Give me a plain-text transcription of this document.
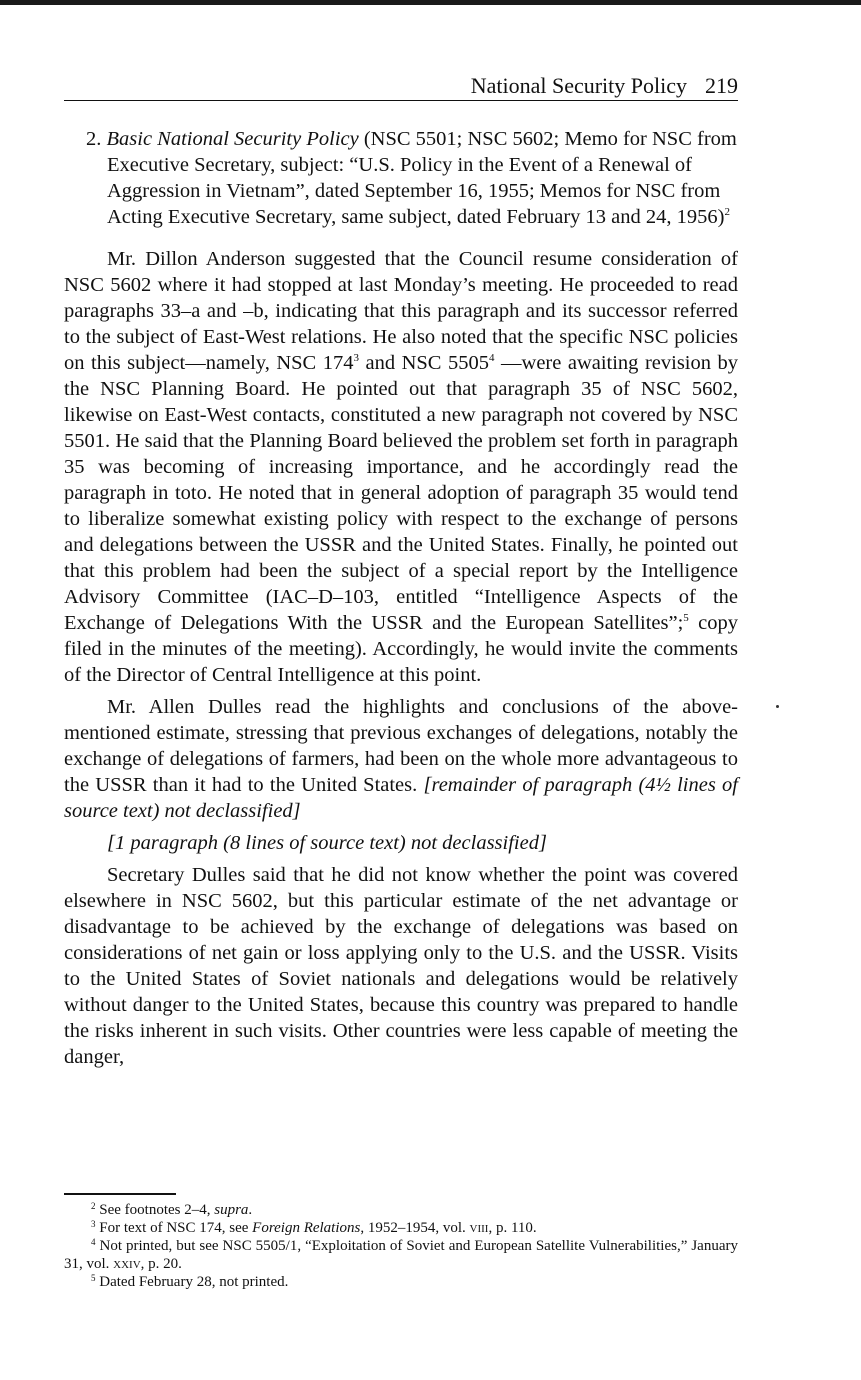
National Security Policy 219

2. Basic National Security Policy (NSC 5501; NSC 5602; Memo for NSC from Executive Secretary, subject: “U.S. Policy in the Event of a Renewal of Aggression in Vietnam”, dated September 16, 1955; Memos for NSC from Acting Executive Secretary, same subject, dated February 13 and 24, 1956)$^2$

Mr. Dillon Anderson suggested that the Council resume consideration of NSC 5602 where it had stopped at last Monday’s meeting. He proceeded to read paragraphs 33–a and –b, indicating that this paragraph and its successor referred to the subject of East-West relations. He also noted that the specific NSC policies on this subject—namely, NSC $174^3$ and NSC 5505$^4$ —were awaiting revision by the NSC Planning Board. He pointed out that paragraph 35 of NSC 5602, likewise on East-West contacts, constituted a new paragraph not covered by NSC 5501. He said that the Planning Board believed the problem set forth in paragraph 35 was becoming of increasing importance, and he accordingly read the paragraph in toto. He noted that in general adoption of paragraph 35 would tend to liberalize somewhat existing policy with respect to the exchange of persons and delegations between the USSR and the United States. Finally, he pointed out that this problem had been the subject of a special report by the Intelligence Advisory Committee (IAC–D–103, entitled “Intelligence Aspects of the Exchange of Delegations With the USSR and the European Satellites”;$^5$ copy filed in the minutes of the meeting). Accordingly, he would invite the comments of the Director of Central Intelligence at this point.

Mr. Allen Dulles read the highlights and conclusions of the above-mentioned estimate, stressing that previous exchanges of delegations, notably the exchange of delegations of farmers, had been on the whole more advantageous to the USSR than it had to the United States. [remainder of paragraph (4½ lines of source text) not declassified]

[1 paragraph (8 lines of source text) not declassified]

Secretary Dulles said that he did not know whether the point was covered elsewhere in NSC 5602, but this particular estimate of the net advantage or disadvantage to be achieved by the exchange of delegations was based on considerations of net gain or loss applying only to the U.S. and the USSR. Visits to the United States of Soviet nationals and delegations would be relatively without danger to the United States, because this country was prepared to handle the risks inherent in such visits. Other countries were less capable of meeting the danger,

$^2$ See footnotes 2–4, supra.

$^3$ For text of NSC 174, see Foreign Relations, 1952–1954, vol. viii, p. 110.

$^4$ Not printed, but see NSC 5505/1, “Exploitation of Soviet and European Satellite Vulnerabilities,” January 31, vol. xxiv, p. 20.

$^5$ Dated February 28, not printed.
